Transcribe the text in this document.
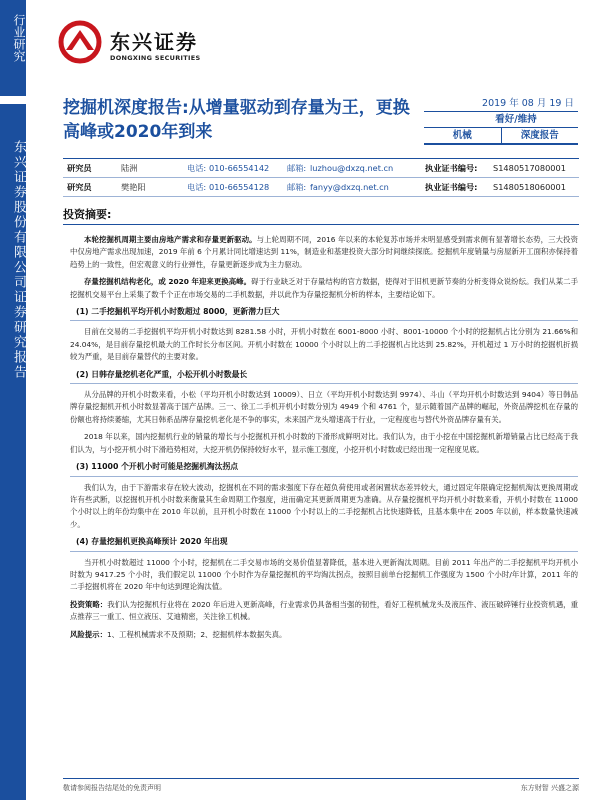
行业研究
东兴证券股份有限公司证券研究报告
东兴证券
DONGXING SECURITIES
挖掘机深度报告:从增量驱动到存量为王，更换高峰或2020年到来
2019 年 08 月 19 日
看好/维持
机械	深度报告
研究员	陆洲	电话: 010-66554142 邮箱: luzhou@dxzq.net.cn	执业证书编号: S1480517080001
研究员	樊艳阳	电话: 010-66554128 邮箱: fanyy@dxzq.net.cn	执业证书编号: S1480518060001
投资摘要:

本轮挖掘机周期主要由房地产需求和存量更新驱动。与上轮周期不同，2016 年以来的本轮复苏市场并未明显感受到需求侧有显著增长态势，三大投资中仅房地产需求出现加速，2019 年前 6 个月累计同比增速达到 11%，制造业和基建投资大部分时间继续探底。挖掘机年度销量与房屋新开工面积亦保持着趋势上的一致性，但宏观意义的行业弹性，存量更新逐步成为主力驱动。

存量挖掘机结构老化，或 2020 年迎来更换高峰。碍于行业缺乏对于存量结构的官方数据，使得对于旧机更新节奏的分析变得众说纷纭。我们从某二手挖掘机交易平台上采集了数千个正在市场交易的二手机数据，并以此作为存量挖掘机分析的样本，主要结论如下。

(1) 二手挖掘机平均开机小时数超过 8000，更新潜力巨大

目前在交易的二手挖掘机平均开机小时数达到 8281.58 小时，开机小时数在 6001-8000 小时、8001-10000 个小时的挖掘机占比分别为 21.66%和 24.04%，是目前存量挖机最大的工作时长分布区间。开机小时数在 10000 个小时以上的二手挖掘机占比达到 25.82%，开机超过 1 万小时的挖掘机折损较为严重，是目前存量替代的主要对象。

(2) 日韩存量挖机老化严重，小松开机小时数最长

从分品牌的开机小时数来看，小松（平均开机小时数达到 10009）、日立（平均开机小时数达到 9974）、斗山（平均开机小时数达到 9404）等日韩品牌存量挖掘机开机小时数显著高于国产品牌。三一、徐工二手机开机小时数分别为 4949 个和 4761 个，显示随着国产品牌的崛起，外资品牌挖机在存量的份额也将持续萎缩，尤其日韩系品牌存量挖机老化是不争的事实，未来国产龙头增速高于行业，一定程度也与替代外资品牌存量有关。

2018 年以来，国内挖掘机行业的销量的增长与小挖掘机开机小时数的下滑形成鲜明对比。我们认为，由于小挖在中国挖掘机新增销量占比已经高于我们认为，与小挖开机小时下滑趋势相对，大挖开机仍保持较好水平，显示施工强度，小挖开机小时数或已经出现一定程度见底。

(3) 11000 个开机小时可能是挖掘机淘汰拐点

我们认为，由于下游需求存在较大波动，挖掘机在不同的需求强度下存在超负荷使用或者闲置状态差异较大，通过固定年限确定挖掘机淘汰更换周期或许有些武断，以挖掘机开机小时数来衡量其生命周期工作强度，进而确定其更新周期更为准确。从存量挖掘机平均开机小时数来看，开机小时数在 11000 个小时以上的年份均集中在 2010 年以前，且开机小时数在 11000 个小时以上的二手挖掘机占比快速降低，且基本集中在 2005 年以前，样本数量快速减少。

(4) 存量挖掘机更换高峰预计 2020 年出现

当开机小时数超过 11000 个小时，挖掘机在二手交易市场的交易价值显著降低，基本进入更新淘汰周期。目前 2011 年出产的二手挖掘机平均开机小时数为 9417.25 个小时，我们假定以 11000 个小时作为存量挖掘机的平均淘汰拐点，按照目前单台挖掘机工作强度为 1500 个小时/年计算，2011 年的二手挖掘机将在 2020 年中旬达到理论淘汰值。

投资策略：我们认为挖掘机行业将在 2020 年后进入更新高峰，行业需求仍具备相当强的韧性，看好工程机械龙头及液压件、液压破碎锤行业投资机遇，重点推荐三一重工、恒立液压、艾迪精密，关注徐工机械。

风险提示：1、工程机械需求不及预期；2、挖掘机样本数据失真。

敬请参阅报告结尾处的免责声明	东方财智 兴盛之源
